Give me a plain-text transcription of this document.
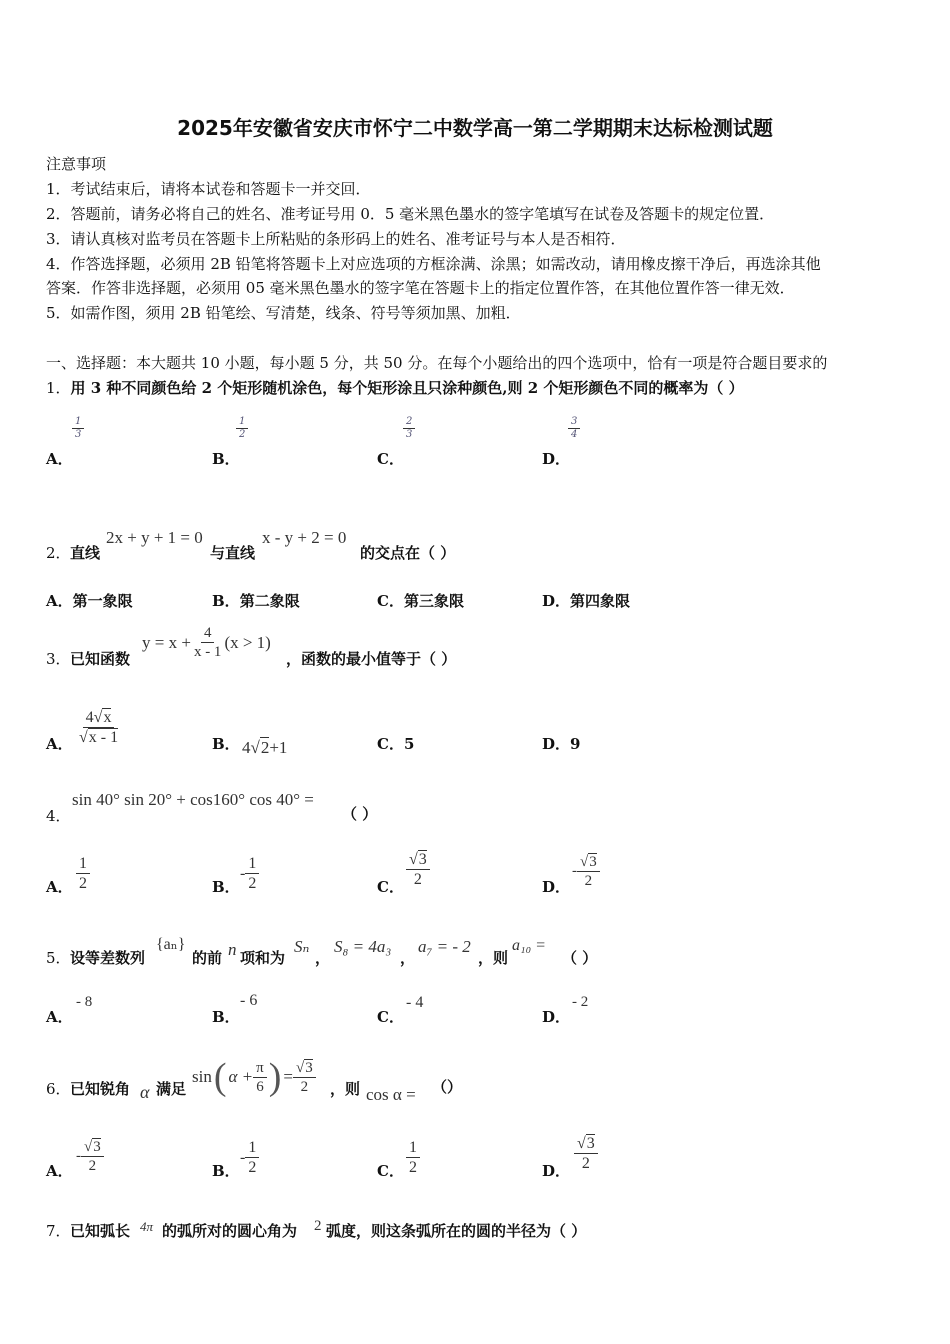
2025年安徽省安庆市怀宁二中数学高一第二学期期末达标检测试题
注意事项
1．考试结束后，请将本试卷和答题卡一并交回．
2．答题前，请务必将自己的姓名、准考证号用 0．5 毫米黑色墨水的签字笔填写在试卷及答题卡的规定位置．
3．请认真核对监考员在答题卡上所粘贴的条形码上的姓名、准考证号与本人是否相符．
4．作答选择题，必须用 2B 铅笔将答题卡上对应选项的方框涂满、涂黑；如需改动，请用橡皮擦干净后，再选涂其他
答案．作答非选择题，必须用 05 毫米黑色墨水的签字笔在答题卡上的指定位置作答，在其他位置作答一律无效．
5．如需作图，须用 2B 铅笔绘、写清楚，线条、符号等须加黑、加粗．
一、选择题：本大题共 10 小题，每小题 5 分，共 50 分。在每个小题给出的四个选项中，恰有一项是符合题目要求的
1．用 3 种不同颜色给 2 个矩形随机涂色，每个矩形涂且只涂种颜色,则 2 个矩形颜色不同的概率为（ ）
A．
$\frac{1}{3}$
B．
$\frac{1}{2}$
C．
$\frac{2}{3}$
D．
$\frac{3}{4}$
2． 直线
2x + y + 1 = 0
与直线
x - y + 2 = 0
的交点在（ ）
A．第一象限	B．第二象限	C．第三象限	D．第四象限
3． 已知函数
$y = x + \frac{4}{x - 1} (x > 1)$
，函数的最小值等于（ ）
A． $\frac{4√x}{√x - 1}$	B． 4√2+1	C．5	D．9
4．
sin 40° sin 20° + cos160° cos 40° =
（ ）
A． $\frac{1}{2}$	B．
- $\frac{1}{2}$	C． $\frac{√3}{2}$	D．
- $\frac{√3}{2}$
5． 设等差数列
{aₙ}
的前 n 项和为
Sₙ
，
S₈ = 4a₃
，
a₇ = - 2
，则
a₁₀ =
（ ）
A．
- 8
B．
- 6
C．
- 4
D．
- 2
6． 已知锐角 α 满足
sin ( $\alpha + \frac{\pi}{6}$ ) = $\frac{√3}{2}$ ，则 cos α = （）
A．
- $\frac{√3}{2}$	B．
- $\frac{1}{2}$	C． $\frac{1}{2}$	D． $\frac{√3}{2}$
7． 已知弧长 4π 的弧所对的圆心角为 2 弧度，则这条弧所在的圆的半径为（ ）
